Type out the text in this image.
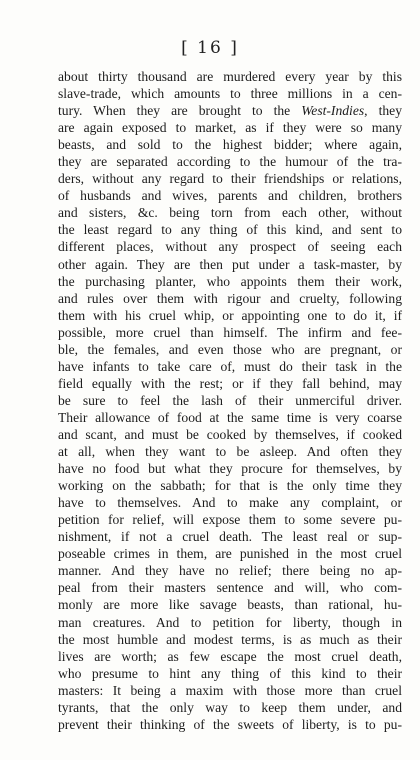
[ 16 ]
about thirty thousand are murdered every year by this
slave-trade, which amounts to three millions in a cen-
tury. When they are brought to the West-Indies, they
are again exposed to market, as if they were so many
beasts, and sold to the highest bidder; where again,
they are separated according to the humour of the tra-
ders, without any regard to their friendships or relations,
of husbands and wives, parents and children, brothers
and sisters, &c. being torn from each other, without
the least regard to any thing of this kind, and sent to
different places, without any prospect of seeing each
other again. They are then put under a task-master, by
the purchasing planter, who appoints them their work,
and rules over them with rigour and cruelty, following
them with his cruel whip, or appointing one to do it, if
possible, more cruel than himself. The infirm and fee-
ble, the females, and even those who are pregnant, or
have infants to take care of, must do their task in the
field equally with the rest; or if they fall behind, may
be sure to feel the lash of their unmerciful driver.
Their allowance of food at the same time is very coarse
and scant, and must be cooked by themselves, if cooked
at all, when they want to be asleep. And often they
have no food but what they procure for themselves, by
working on the sabbath; for that is the only time they
have to themselves. And to make any complaint, or
petition for relief, will expose them to some severe pu-
nishment, if not a cruel death. The least real or sup-
poseable crimes in them, are punished in the most cruel
manner. And they have no relief; there being no ap-
peal from their masters sentence and will, who com-
monly are more like savage beasts, than rational, hu-
man creatures. And to petition for liberty, though in
the most humble and modest terms, is as much as their
lives are worth; as few escape the most cruel death,
who presume to hint any thing of this kind to their
masters: It being a maxim with those more than cruel
tyrants, that the only way to keep them under, and
prevent their thinking of the sweets of liberty, is to pu-
